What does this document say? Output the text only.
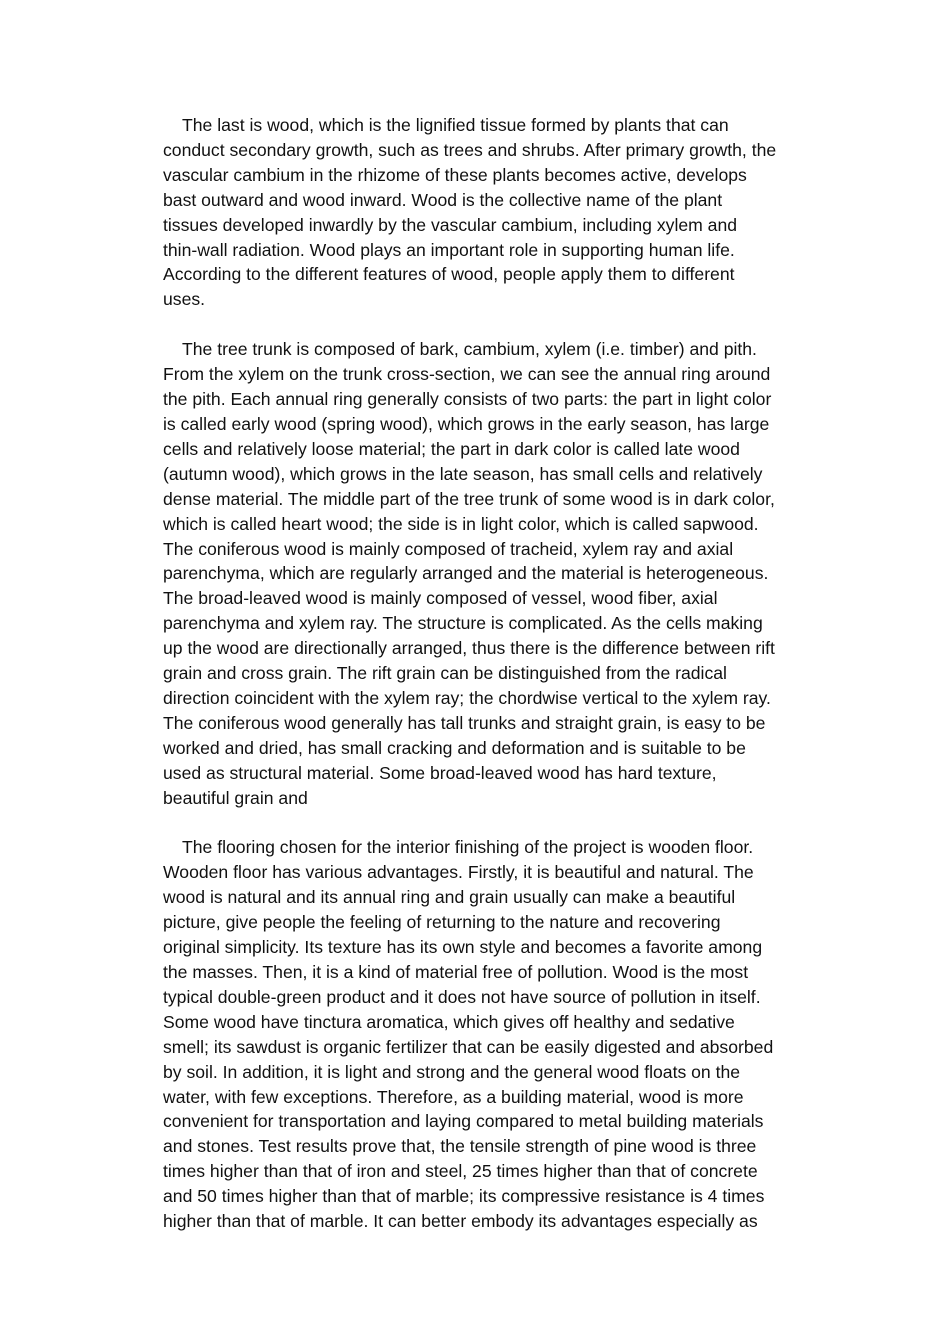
The last is wood, which is the lignified tissue formed by plants that can
conduct secondary growth, such as trees and shrubs. After primary growth, the
vascular cambium in the rhizome of these plants becomes active, develops
bast outward and wood inward. Wood is the collective name of the plant
tissues developed inwardly by the vascular cambium, including xylem and
thin-wall radiation. Wood plays an important role in supporting human life.
According to the different features of wood, people apply them to different
uses.

The tree trunk is composed of bark, cambium, xylem (i.e. timber) and pith.
From the xylem on the trunk cross-section, we can see the annual ring around
the pith. Each annual ring generally consists of two parts: the part in light color
is called early wood (spring wood), which grows in the early season, has large
cells and relatively loose material; the part in dark color is called late wood
(autumn wood), which grows in the late season, has small cells and relatively
dense material. The middle part of the tree trunk of some wood is in dark color,
which is called heart wood; the side is in light color, which is called sapwood.
The coniferous wood is mainly composed of tracheid, xylem ray and axial
parenchyma, which are regularly arranged and the material is heterogeneous.
The broad-leaved wood is mainly composed of vessel, wood fiber, axial
parenchyma and xylem ray. The structure is complicated. As the cells making
up the wood are directionally arranged, thus there is the difference between rift
grain and cross grain. The rift grain can be distinguished from the radical
direction coincident with the xylem ray; the chordwise vertical to the xylem ray.
The coniferous wood generally has tall trunks and straight grain, is easy to be
worked and dried, has small cracking and deformation and is suitable to be
used as structural material. Some broad-leaved wood has hard texture,
beautiful grain and

The flooring chosen for the interior finishing of the project is wooden floor.
Wooden floor has various advantages. Firstly, it is beautiful and natural. The
wood is natural and its annual ring and grain usually can make a beautiful
picture, give people the feeling of returning to the nature and recovering
original simplicity. Its texture has its own style and becomes a favorite among
the masses. Then, it is a kind of material free of pollution. Wood is the most
typical double-green product and it does not have source of pollution in itself.
Some wood have tinctura aromatica, which gives off healthy and sedative
smell; its sawdust is organic fertilizer that can be easily digested and absorbed
by soil. In addition, it is light and strong and the general wood floats on the
water, with few exceptions. Therefore, as a building material, wood is more
convenient for transportation and laying compared to metal building materials
and stones. Test results prove that, the tensile strength of pine wood is three
times higher than that of iron and steel, 25 times higher than that of concrete
and 50 times higher than that of marble; its compressive resistance is 4 times
higher than that of marble. It can better embody its advantages especially as
